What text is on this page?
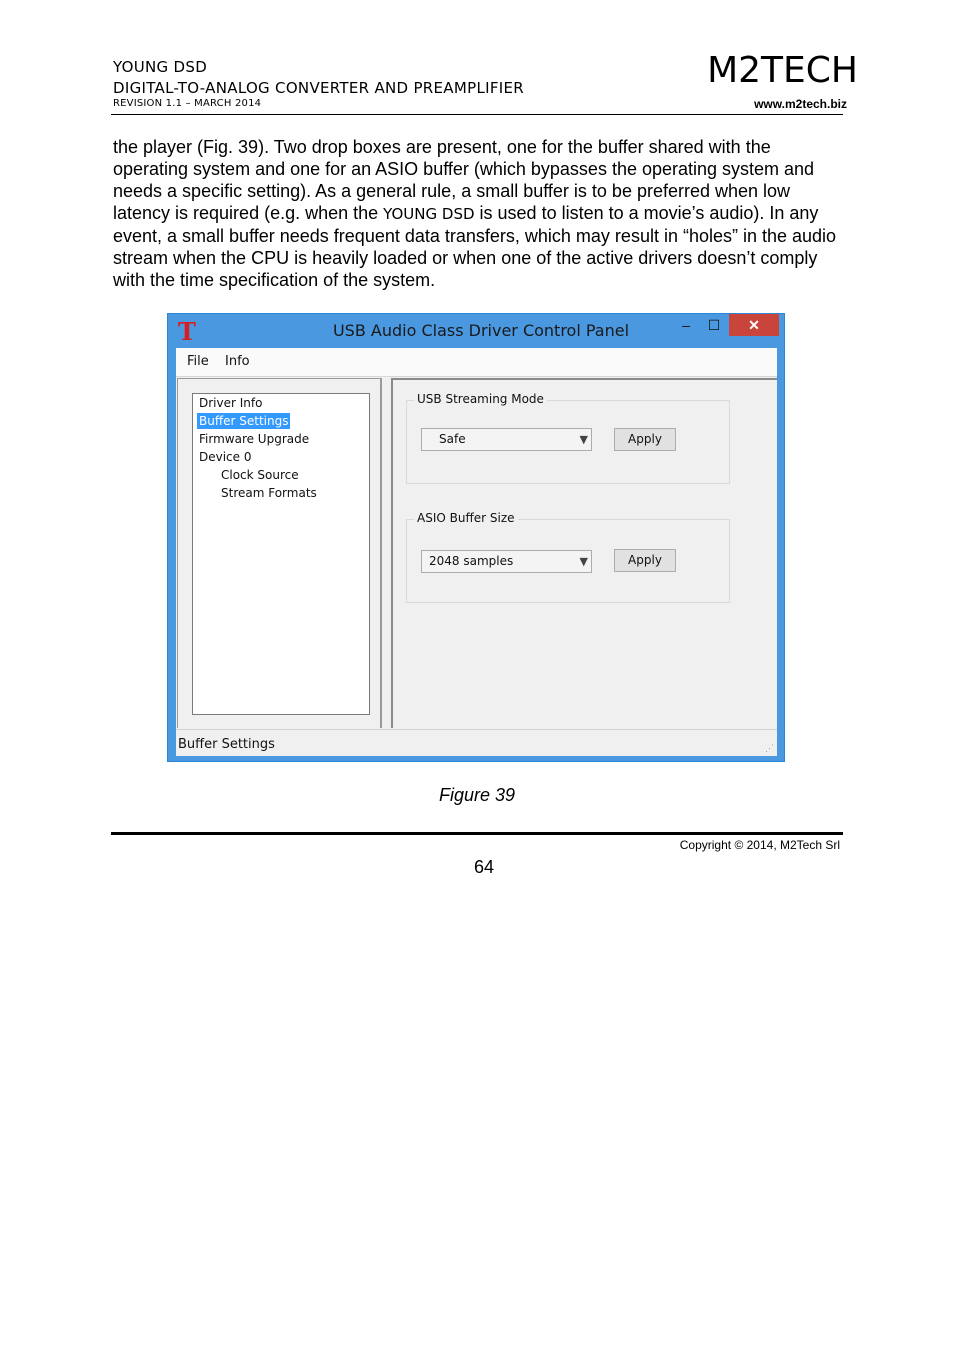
YOUNG DSD
DIGITAL-TO-ANALOG CONVERTER AND PREAMPLIFIER
REVISION 1.1 – MARCH 2014
M2TECH
www.m2tech.biz

the player (Fig. 39). Two drop boxes are present, one for the buffer shared with the operating system and one for an ASIO buffer (which bypasses the operating system and needs a specific setting). As a general rule, a small buffer is to be preferred when low latency is required (e.g. when the YOUNG DSD is used to listen to a movie’s audio). In any event, a small buffer needs frequent data transfers, which may result in “holes” in the audio stream when the CPU is heavily loaded or when one of the active drivers doesn’t comply with the time specification of the system.

T	USB Audio Class Driver Control Panel	–	☐	✕
File Info
Driver Info
Buffer Settings
Firmware Upgrade
Device 0
Clock Source
Stream Formats
USB Streaming Mode
Safe	▼	Apply
ASIO Buffer Size
2048 samples	▼	Apply
Buffer Settings	⋰
Figure 39
Copyright © 2014, M2Tech Srl
64
